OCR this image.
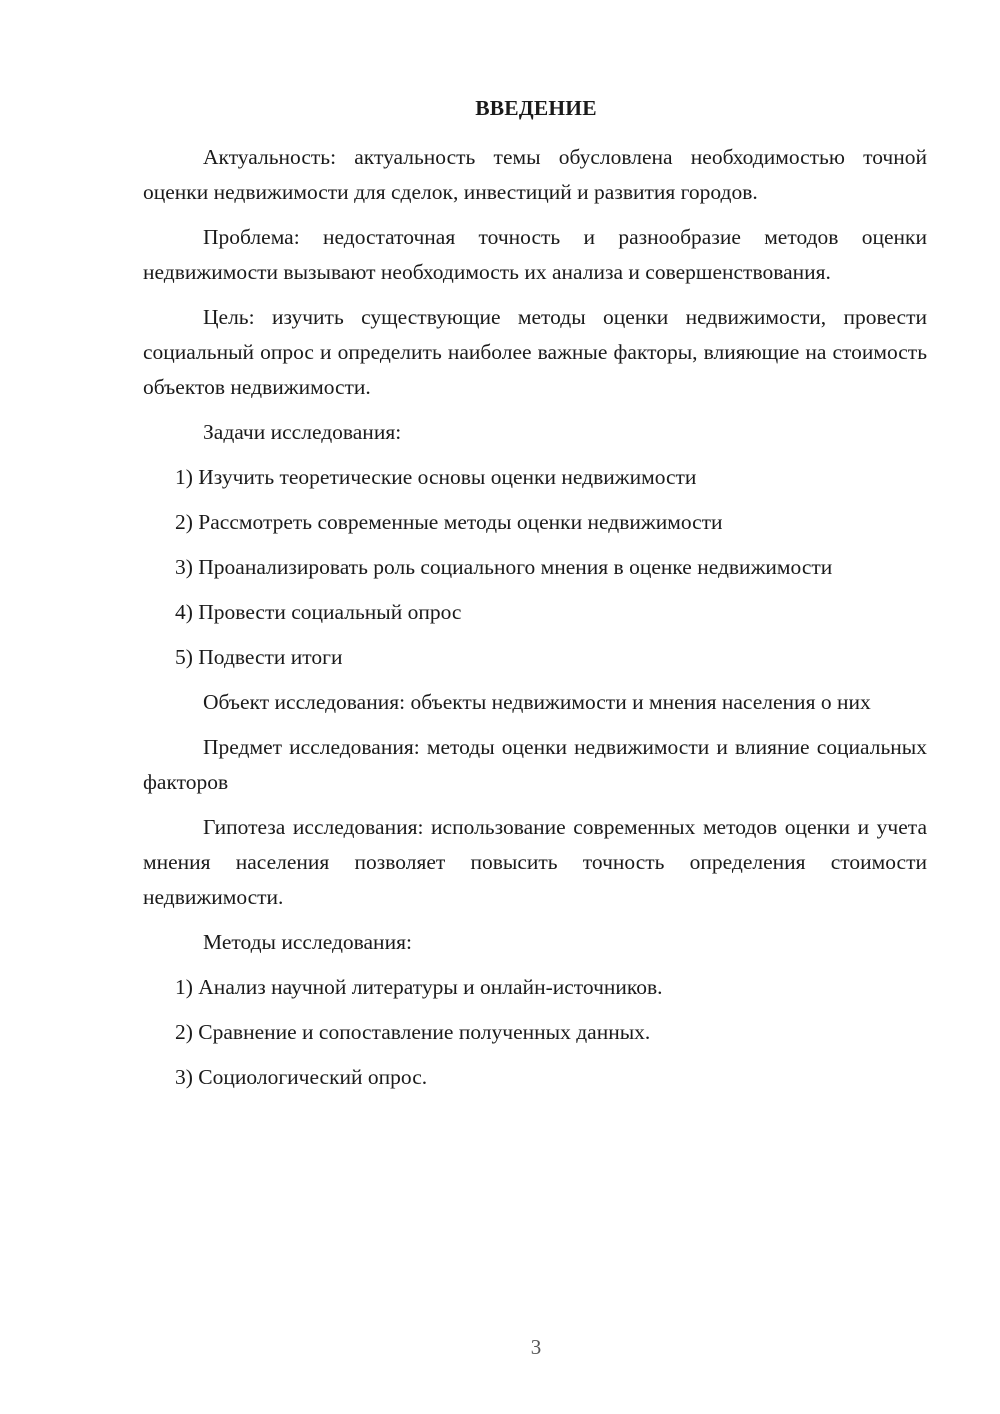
ВВЕДЕНИЕ

Актуальность: актуальность темы обусловлена необходимостью точной оценки недвижимости для сделок, инвестиций и развития городов.

Проблема: недостаточная точность и разнообразие методов оценки недвижимости вызывают необходимость их анализа и совершенствования.

Цель: изучить существующие методы оценки недвижимости, провести социальный опрос и определить наиболее важные факторы, влияющие на стоимость объектов недвижимости.

Задачи исследования:

1) Изучить теоретические основы оценки недвижимости

2) Рассмотреть современные методы оценки недвижимости

3) Проанализировать роль социального мнения в оценке недвижимости

4) Провести социальный опрос

5) Подвести итоги

Объект исследования: объекты недвижимости и мнения населения о них

Предмет исследования: методы оценки недвижимости и влияние социальных факторов

Гипотеза исследования: использование современных методов оценки и учета мнения населения позволяет повысить точность определения стоимости недвижимости.

Методы исследования:

1) Анализ научной литературы и онлайн-источников.

2) Сравнение и сопоставление полученных данных.

3) Социологический опрос.

3
